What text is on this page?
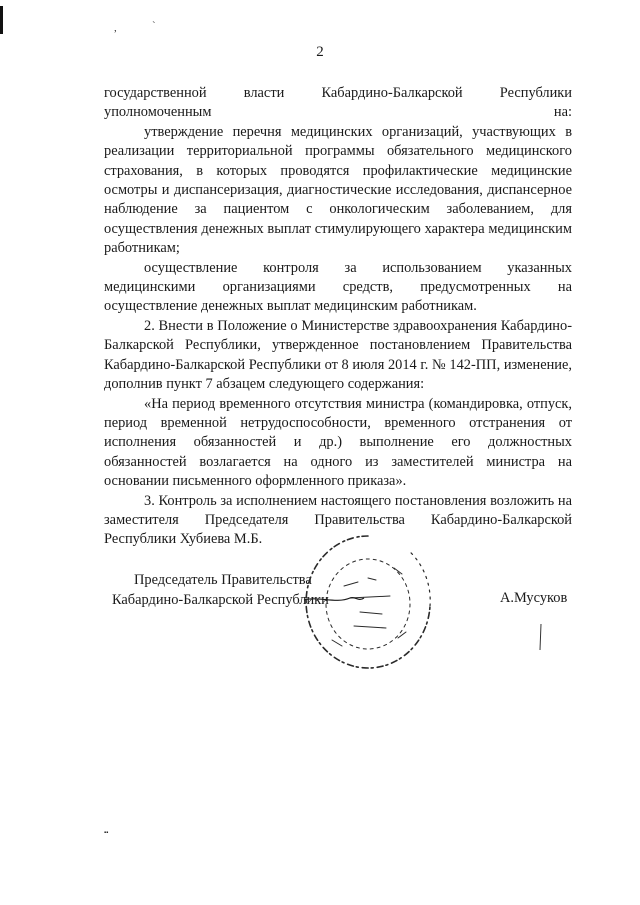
,	`
2

государственной власти Кабардино-Балкарской Республики уполномоченным на:

утверждение перечня медицинских организаций, участвующих в реализации территориальной программы обязательного медицинского страхования, в которых проводятся профилактические медицинские осмотры и диспансеризация, диагностические исследования, диспансерное наблюдение за пациентом с онкологическим заболеванием, для осуществления денежных выплат стимулирующего характера медицинским работникам;

осуществление контроля за использованием указанных медицинскими организациями средств, предусмотренных на осуществление денежных выплат медицинским работникам.

2. Внести в Положение о Министерстве здравоохранения Кабардино-Балкарской Республики, утвержденное постановлением Правительства Кабардино-Балкарской Республики от 8 июля 2014 г. № 142-ПП, изменение, дополнив пункт 7 абзацем следующего содержания:

«На период временного отсутствия министра (командировка, отпуск, период временной нетрудоспособности, временного отстранения от исполнения обязанностей и др.) выполнение его должностных обязанностей возлагается на одного из заместителей министра на основании письменного оформленного приказа».

3. Контроль за исполнением настоящего постановления возложить на заместителя Председателя Правительства Кабардино-Балкарской Республики Хубиева М.Б.

Председатель Правительства
Кабардино-Балкарской Республики	А.Мусуков
▪▪
